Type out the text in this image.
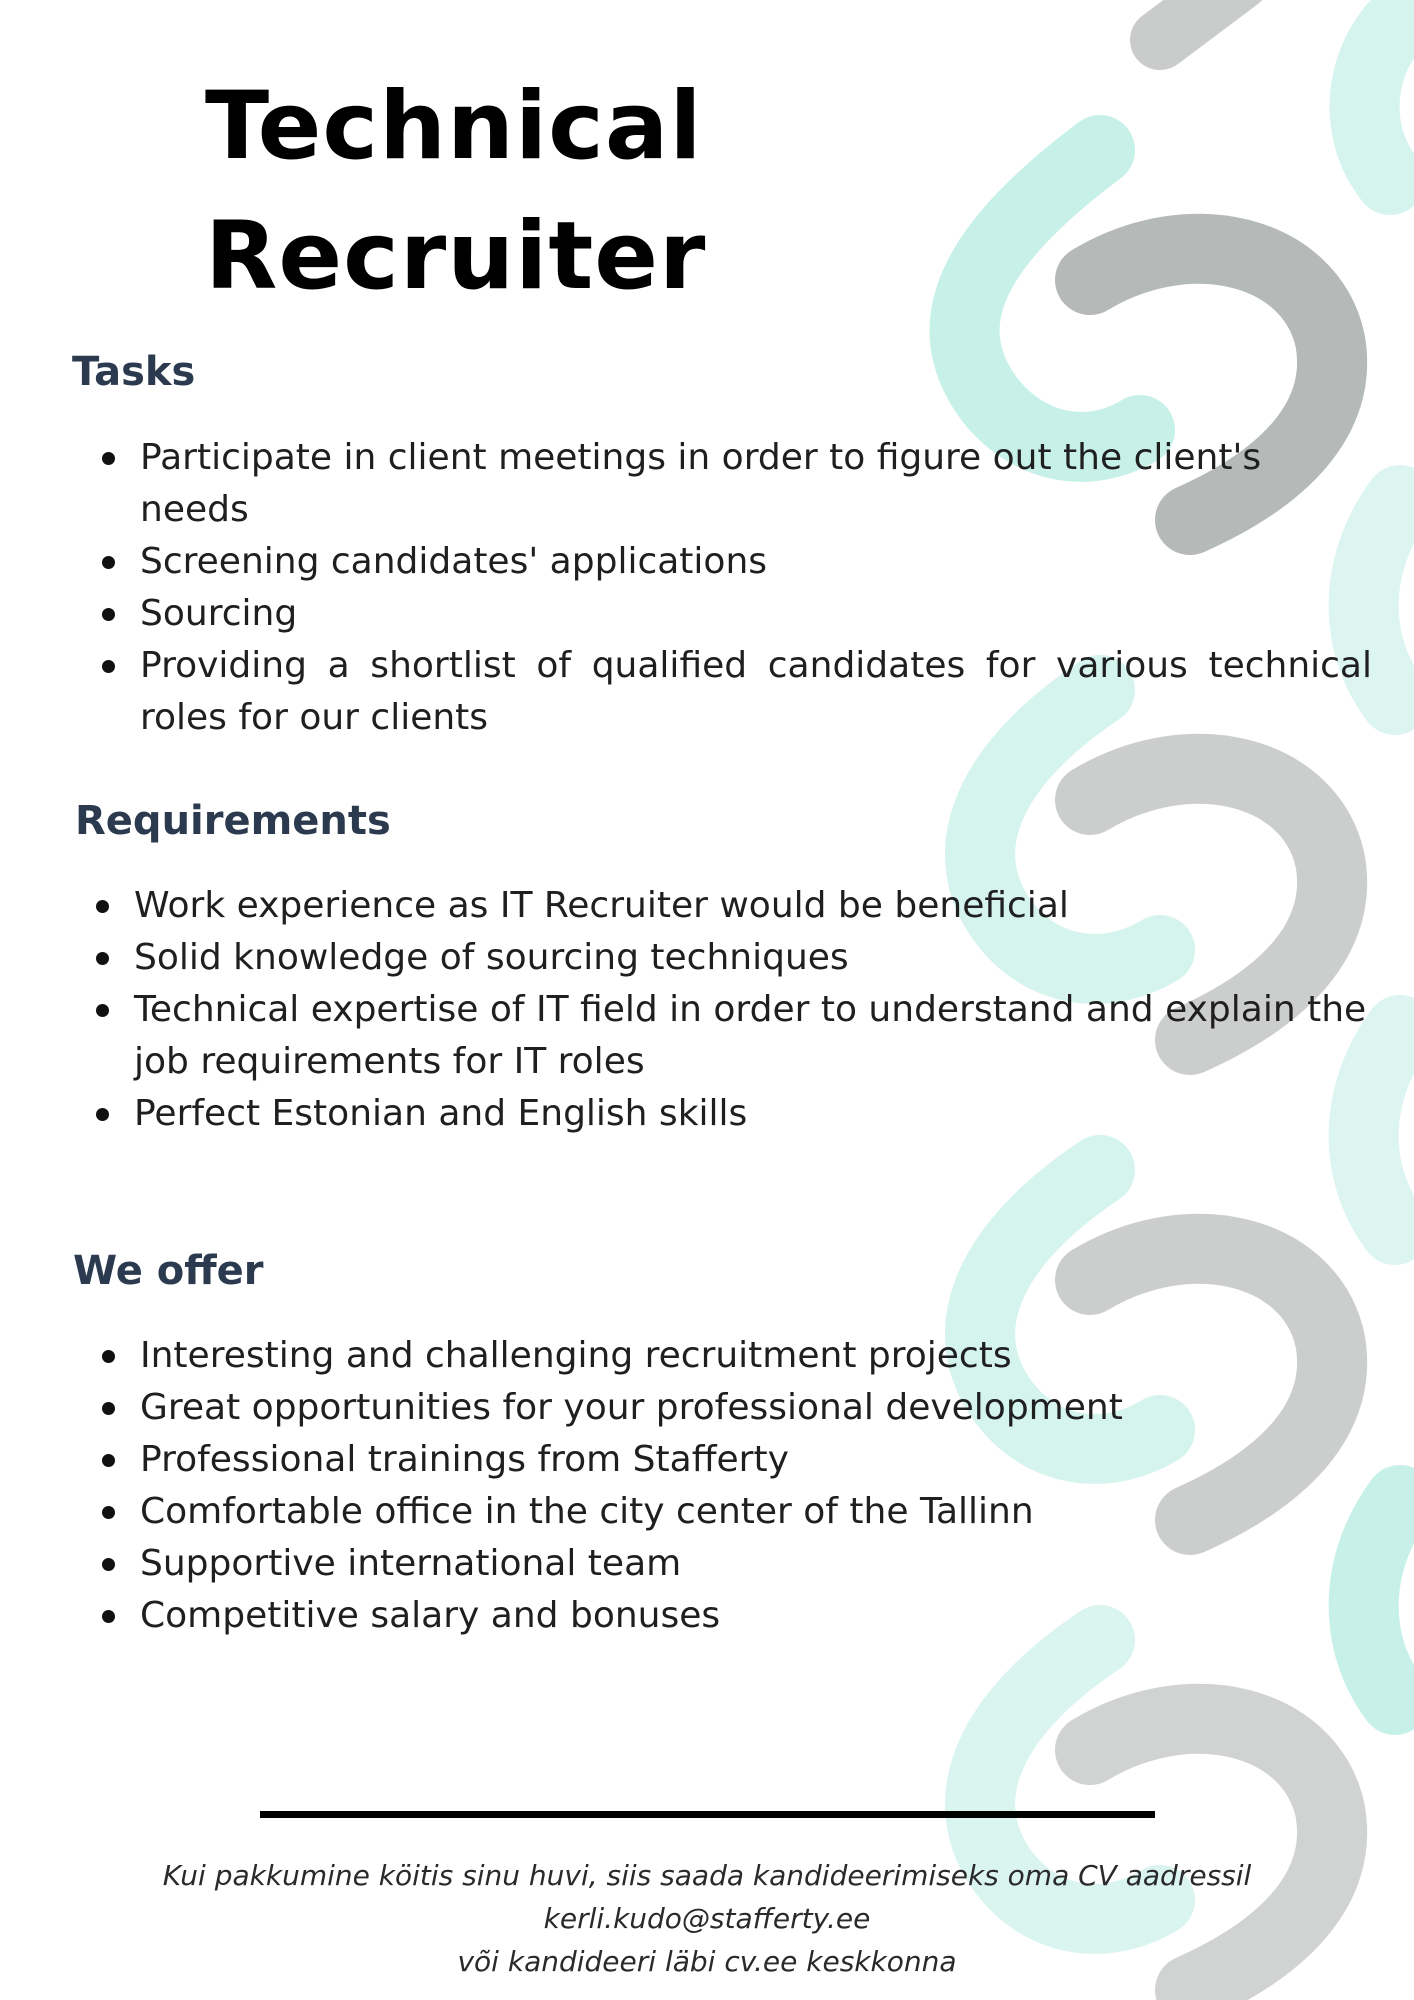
Technical
Recruiter
Tasks
Participate in client meetings in order to figure out the client's needs
Screening candidates' applications
Sourcing
Providing a shortlist of qualified candidates for various technical roles for our clients
Requirements
Work experience as IT Recruiter would be beneficial
Solid knowledge of sourcing techniques
Technical expertise of IT field in order to understand and explain the job requirements for IT roles
Perfect Estonian and English skills
We offer
Interesting and challenging recruitment projects
Great opportunities for your professional development
Professional trainings from Stafferty
Comfortable office in the city center of the Tallinn
Supportive international team
Competitive salary and bonuses

Kui pakkumine köitis sinu huvi, siis saada kandideerimiseks oma CV aadressil kerli.kudo@stafferty.ee
või kandideeri läbi cv.ee keskkonna
